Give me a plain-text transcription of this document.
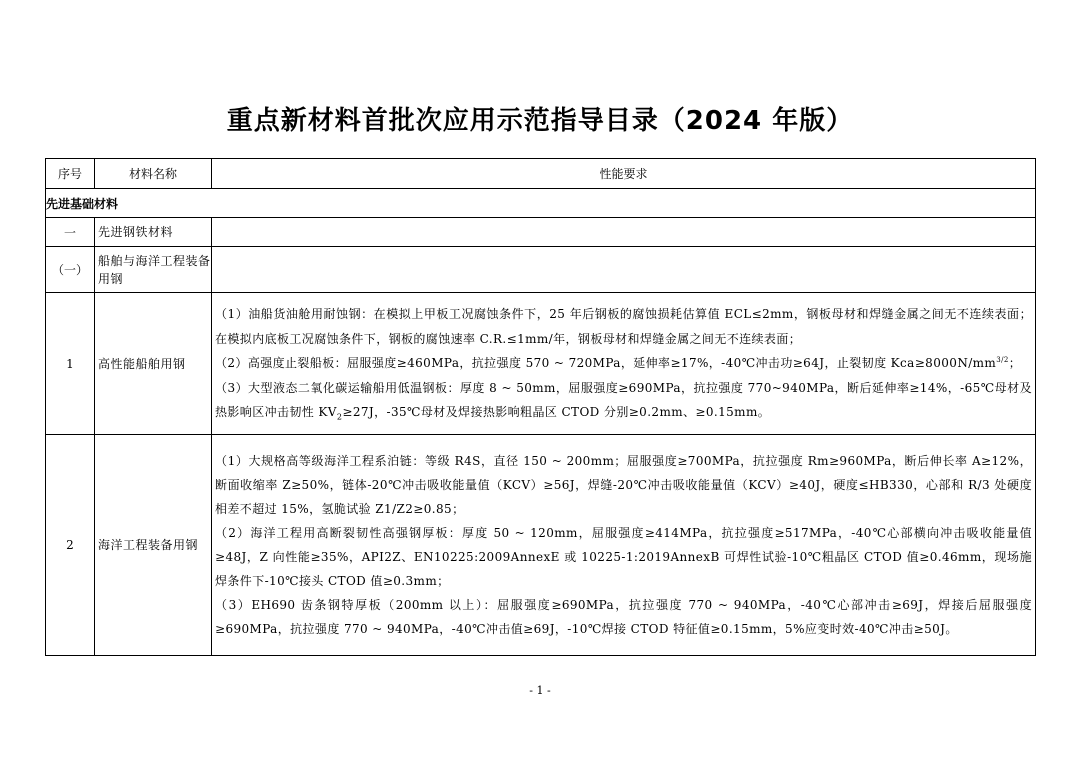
重点新材料首批次应用示范指导目录（2024 年版）
序号	材料名称	性能要求
先进基础材料		
一	先进钢铁材料	
（一）	船舶与海洋工程装备用钢	
1	高性能船舶用钢	（1）油船货油舱用耐蚀钢：在模拟上甲板工况腐蚀条件下，25 年后钢板的腐蚀损耗估算值 ECL≤2mm，钢板母材和焊缝金属之间无不连续表面；在模拟内底板工况腐蚀条件下，钢板的腐蚀速率 C.R.≤1mm/年，钢板母材和焊缝金属之间无不连续表面；

（2）高强度止裂船板：屈服强度≥460MPa，抗拉强度 570 ~ 720MPa，延伸率≥17%，-40℃冲击功≥64J，止裂韧度 $Kca\ge 8000N/mm^{3/2}$；

（3）大型液态二氧化碳运输船用低温钢板：厚度 8 ~ 50mm，屈服强度≥690MPa，抗拉强度 770~940MPa，断后延伸率≥14%，-65℃母材及热影响区冲击韧性 $KV_2\ge 27J$，-35℃母材及焊接热影响粗晶区 CTOD 分别≥0.2mm、≥0.15mm。

2	海洋工程装备用钢	（1）大规格高等级海洋工程系泊链：等级 R4S，直径 150 ~ 200mm；屈服强度≥700MPa，抗拉强度 Rm≥960MPa，断后伸长率 A≥12%，断面收缩率 Z≥50%，链体-20℃冲击吸收能量值（KCV）≥56J，焊缝-20℃冲击吸收能量值（KCV）≥40J，硬度≤HB330，心部和 R/3 处硬度相差不超过 15%，氢脆试验 Z1/Z2≥0.85；

（2）海洋工程用高断裂韧性高强钢厚板：厚度 50 ~ 120mm，屈服强度≥414MPa，抗拉强度≥517MPa，-40℃心部横向冲击吸收能量值≥48J，Z 向性能≥35%，API2Z、EN10225:2009AnnexE 或 10225-1:2019AnnexB 可焊性试验-10℃粗晶区 CTOD 值≥0.46mm，现场施焊条件下-10℃接头 CTOD 值≥0.3mm；

（3）EH690 齿条钢特厚板（200mm 以上）：屈服强度≥690MPa，抗拉强度 770 ~ 940MPa，-40℃心部冲击≥69J，焊接后屈服强度≥690MPa，抗拉强度 770 ~ 940MPa，-40℃冲击值≥69J，-10℃焊接 CTOD 特征值≥0.15mm，5%应变时效-40℃冲击≥50J。

- 1 -
